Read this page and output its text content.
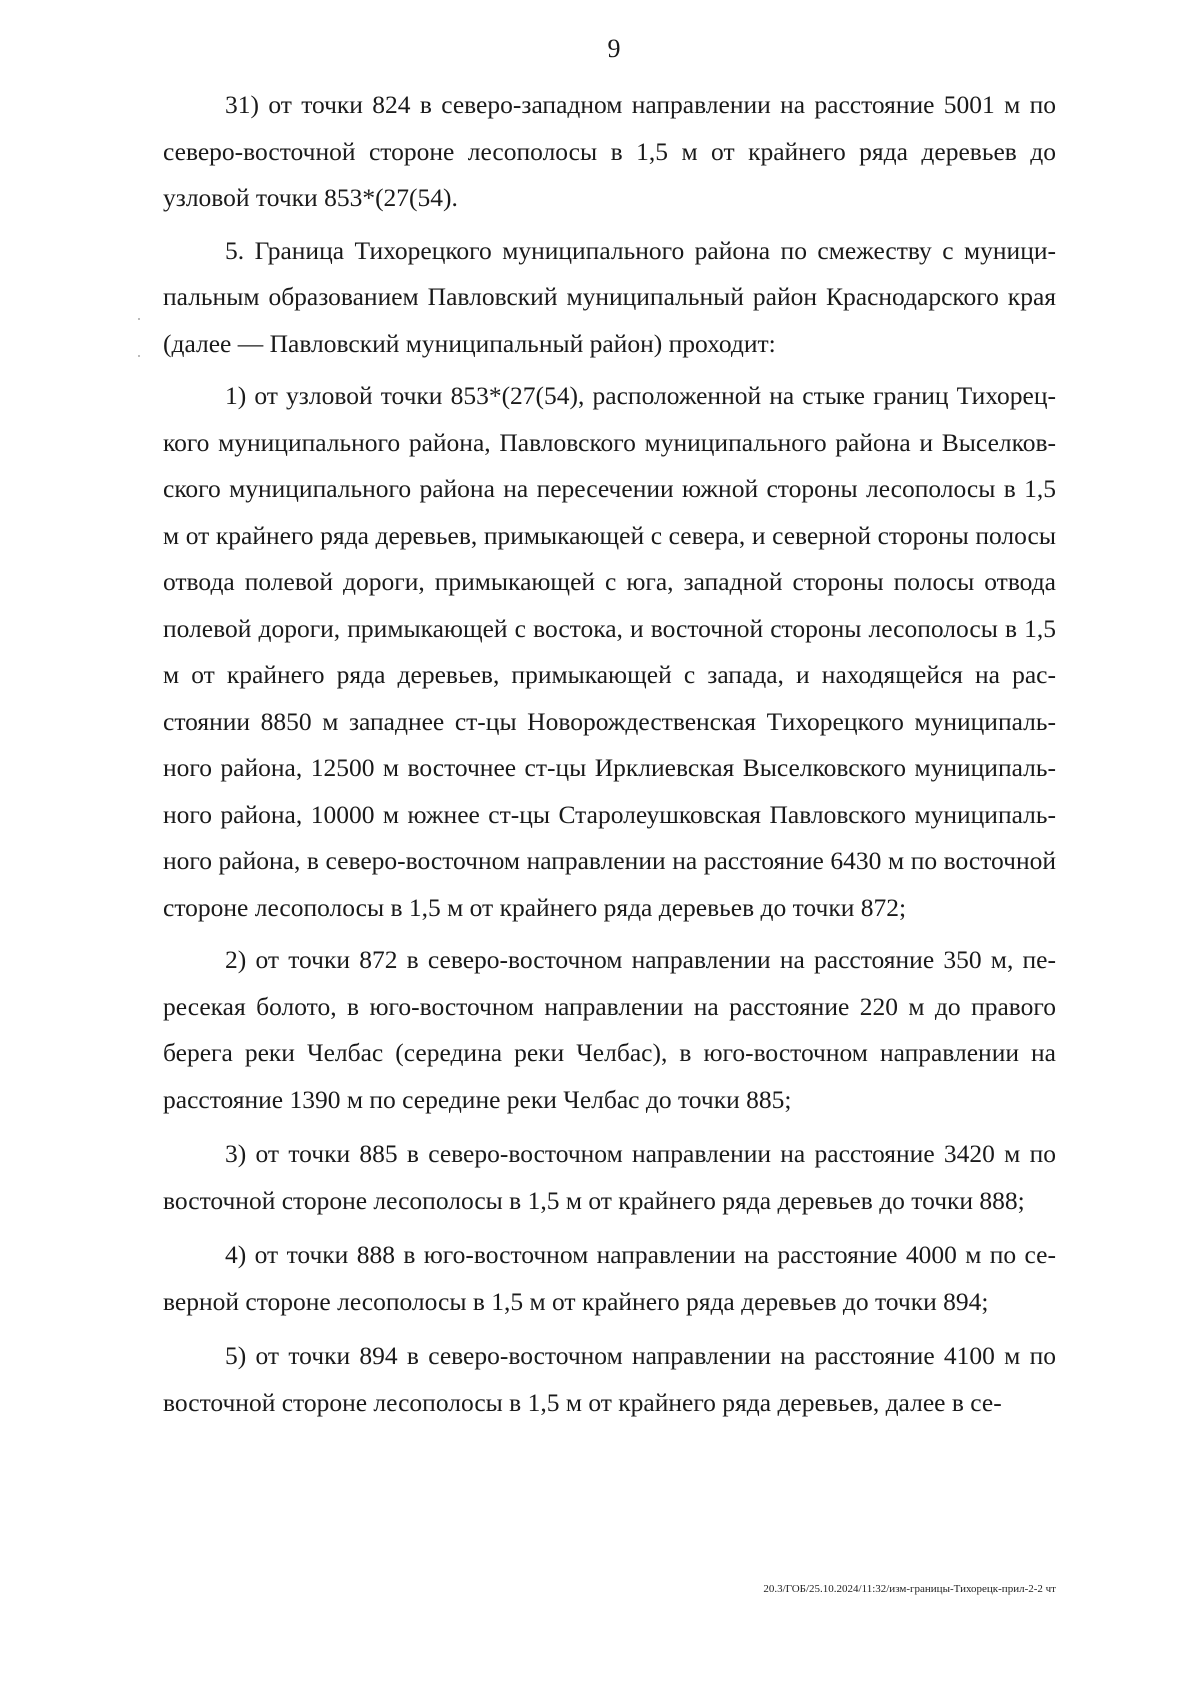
9

31) от точки 824 в северо-западном направлении на расстояние 5001 м по северо-восточной стороне лесополосы в 1,5 м от крайнего ряда деревьев до узловой точки 853*(27(54).

5. Граница Тихорецкого муниципального района по смежеству с муниципальным образованием Павловский муниципальный район Краснодарского края (далее — Павловский муниципальный район) проходит:

1) от узловой точки 853*(27(54), расположенной на стыке границ Тихорецкого муниципального района, Павловского муниципального района и Выселковского муниципального района на пересечении южной стороны лесополосы в 1,5 м от крайнего ряда деревьев, примыкающей с севера, и северной стороны полосы отвода полевой дороги, примыкающей с юга, западной стороны полосы отвода полевой дороги, примыкающей с востока, и восточной стороны лесополосы в 1,5 м от крайнего ряда деревьев, примыкающей с запада, и находящейся на расстоянии 8850 м западнее ст-цы Новорождественская Тихорецкого муниципального района, 12500 м восточнее ст-цы Ирклиевская Выселковского муниципального района, 10000 м южнее ст-цы Старолеушковская Павловского муниципального района, в северо-восточном направлении на расстояние 6430 м по восточной стороне лесополосы в 1,5 м от крайнего ряда деревьев до точки 872;

2) от точки 872 в северо-восточном направлении на расстояние 350 м, пересекая болото, в юго-восточном направлении на расстояние 220 м до правого берега реки Челбас (середина реки Челбас), в юго-восточном направлении на расстояние 1390 м по середине реки Челбас до точки 885;

3) от точки 885 в северо-восточном направлении на расстояние 3420 м по восточной стороне лесополосы в 1,5 м от крайнего ряда деревьев до точки 888;

4) от точки 888 в юго-восточном направлении на расстояние 4000 м по северной стороне лесополосы в 1,5 м от крайнего ряда деревьев до точки 894;

5) от точки 894 в северо-восточном направлении на расстояние 4100 м по восточной стороне лесополосы в 1,5 м от крайнего ряда деревьев, далее в се-

20.3/ГОБ/25.10.2024/11:32/изм-границы-Тихорецк-прил-2-2 чт
